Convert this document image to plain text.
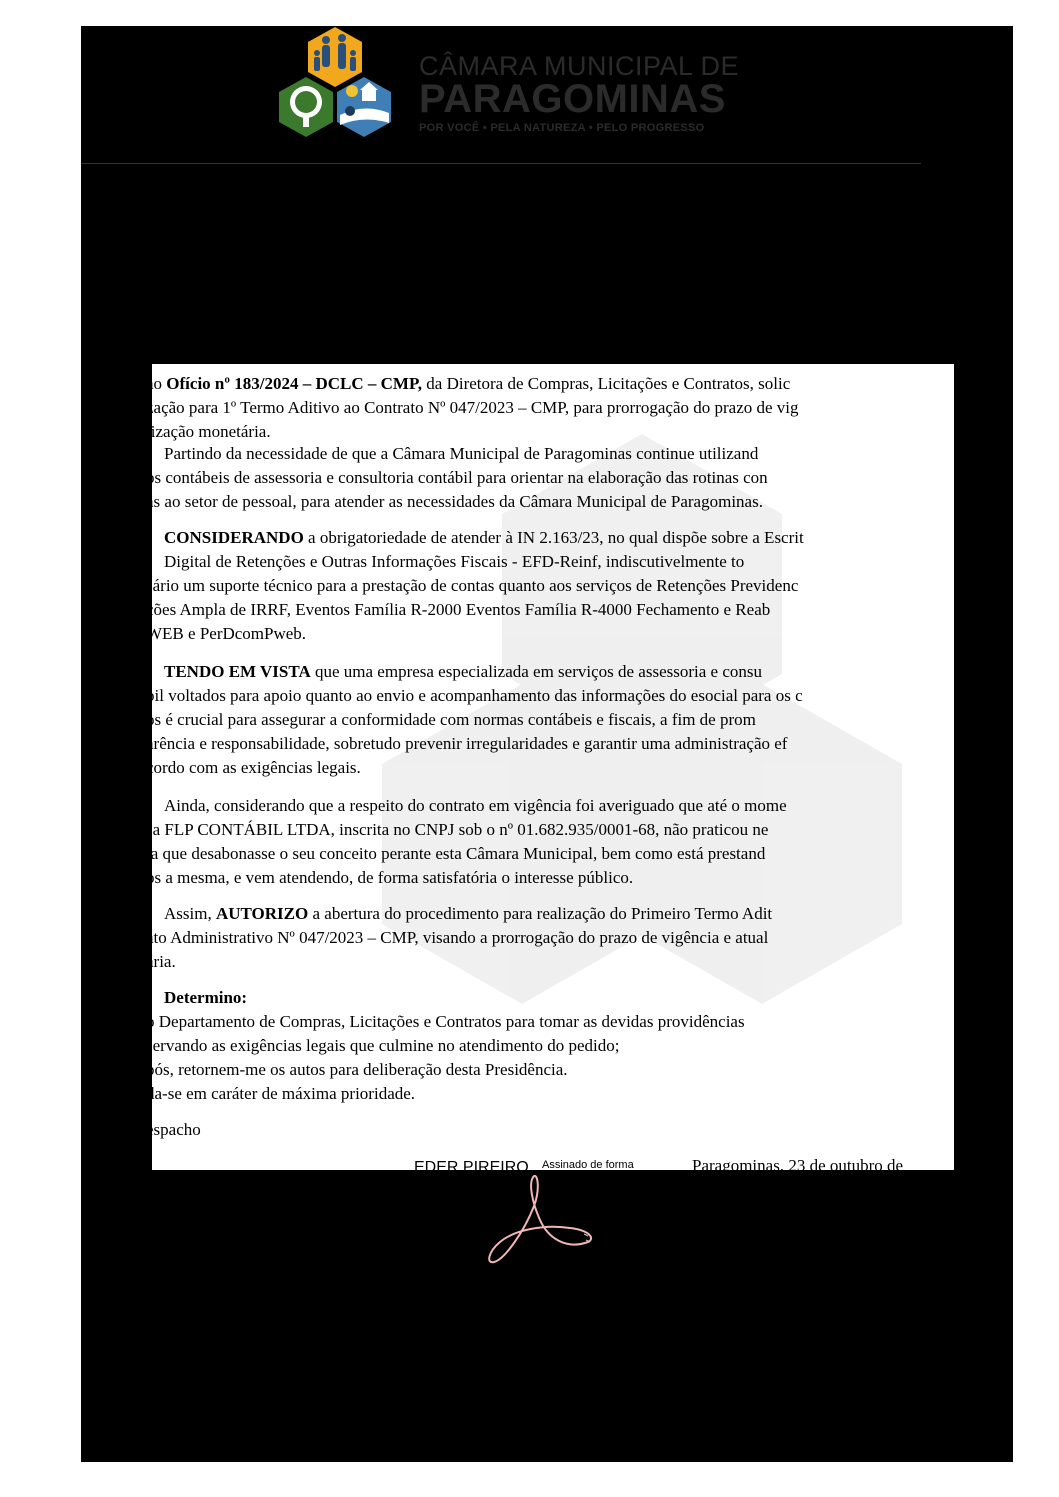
CÂMARA MUNICIPAL DE
PARAGOMINAS
POR VOCÊ • PELA NATUREZA • PELO PROGRESSO
ao Ofício nº 183/2024 – DCLC – CMP, da Diretora de Compras, Licitações e Contratos, solic
zação para 1º Termo Aditivo ao Contrato Nº 047/2023 – CMP, para prorrogação do prazo de vig
lização monetária.
Partindo da necessidade de que a Câmara Municipal de Paragominas continue utilizand
os contábeis de assessoria e consultoria contábil para orientar na elaboração das rotinas con
as ao setor de pessoal, para atender as necessidades da Câmara Municipal de Paragominas.
CONSIDERANDO a obrigatoriedade de atender à IN 2.163/23, no qual dispõe sobre a Escrit
Digital de Retenções e Outras Informações Fiscais - EFD-Reinf, indiscutivelmente to
sário um suporte técnico para a prestação de contas quanto aos serviços de Retenções Previdenc
ções Ampla de IRRF, Eventos Família R-2000 Eventos Família R-4000 Fechamento e Reab
WEB e PerDcomPweb.
TENDO EM VISTA que uma empresa especializada em serviços de assessoria e consu
bil voltados para apoio quanto ao envio e acompanhamento das informações do esocial para os c
os é crucial para assegurar a conformidade com normas contábeis e fiscais, a fim de prom
arência e responsabilidade, sobretudo prevenir irregularidades e garantir uma administração ef
cordo com as exigências legais.
Ainda, considerando que a respeito do contrato em vigência foi averiguado que até o mome
sa FLP CONTÁBIL LTDA, inscrita no CNPJ sob o nº 01.682.935/0001-68, não praticou ne
ta que desabonasse o seu conceito perante esta Câmara Municipal, bem como está prestand
os a mesma, e vem atendendo, de forma satisfatória o interesse público.
Assim, AUTORIZO a abertura do procedimento para realização do Primeiro Termo Adit
ato Administrativo Nº 047/2023 – CMP, visando a prorrogação do prazo de vigência e atual
ária.
Determino:
o Departamento de Compras, Licitações e Contratos para tomar as devidas providências
servando as exigências legais que culmine no atendimento do pedido;
pós, retornem-me os autos para deliberação desta Presidência.
da-se em caráter de máxima prioridade.
espacho
EDER PIREIRO Assinado de forma	Paragominas, 23 de outubro de
